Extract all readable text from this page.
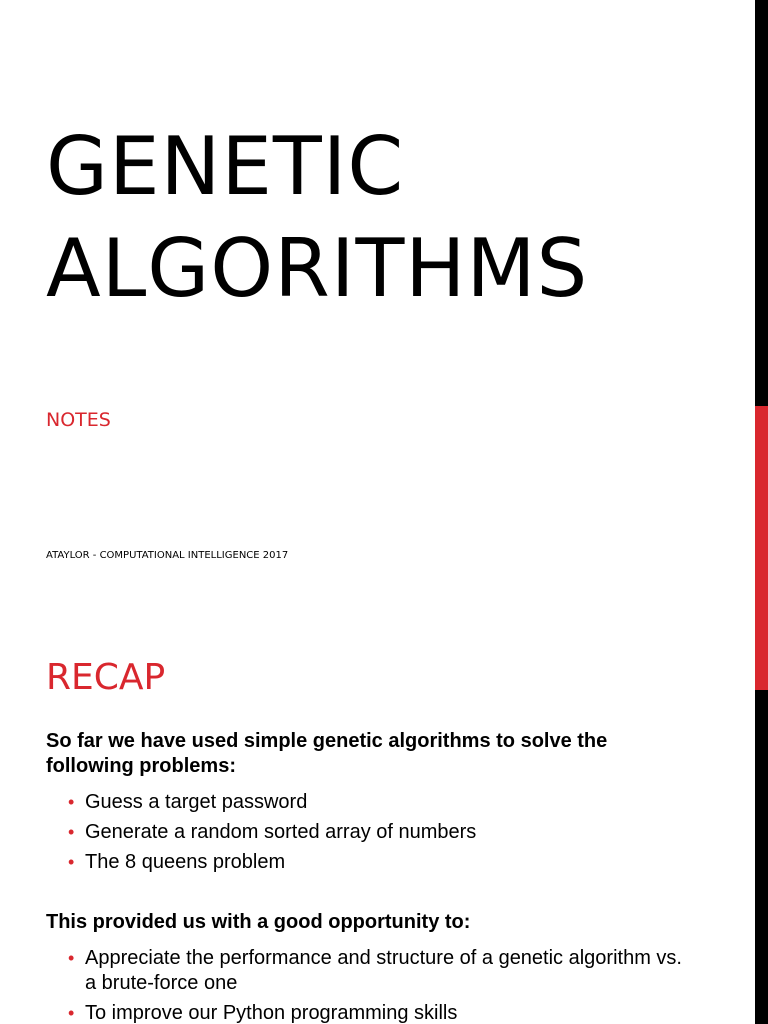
GENETIC
ALGORITHMS
NOTES
ATAYLOR - COMPUTATIONAL INTELLIGENCE 2017
RECAP

So far we have used simple genetic algorithms to solve the following problems:

• Guess a target password
• Generate a random sorted array of numbers
• The 8 queens problem

This provided us with a good opportunity to:

• Appreciate the performance and structure of a genetic algorithm vs. a brute-force one
• To improve our Python programming skills
